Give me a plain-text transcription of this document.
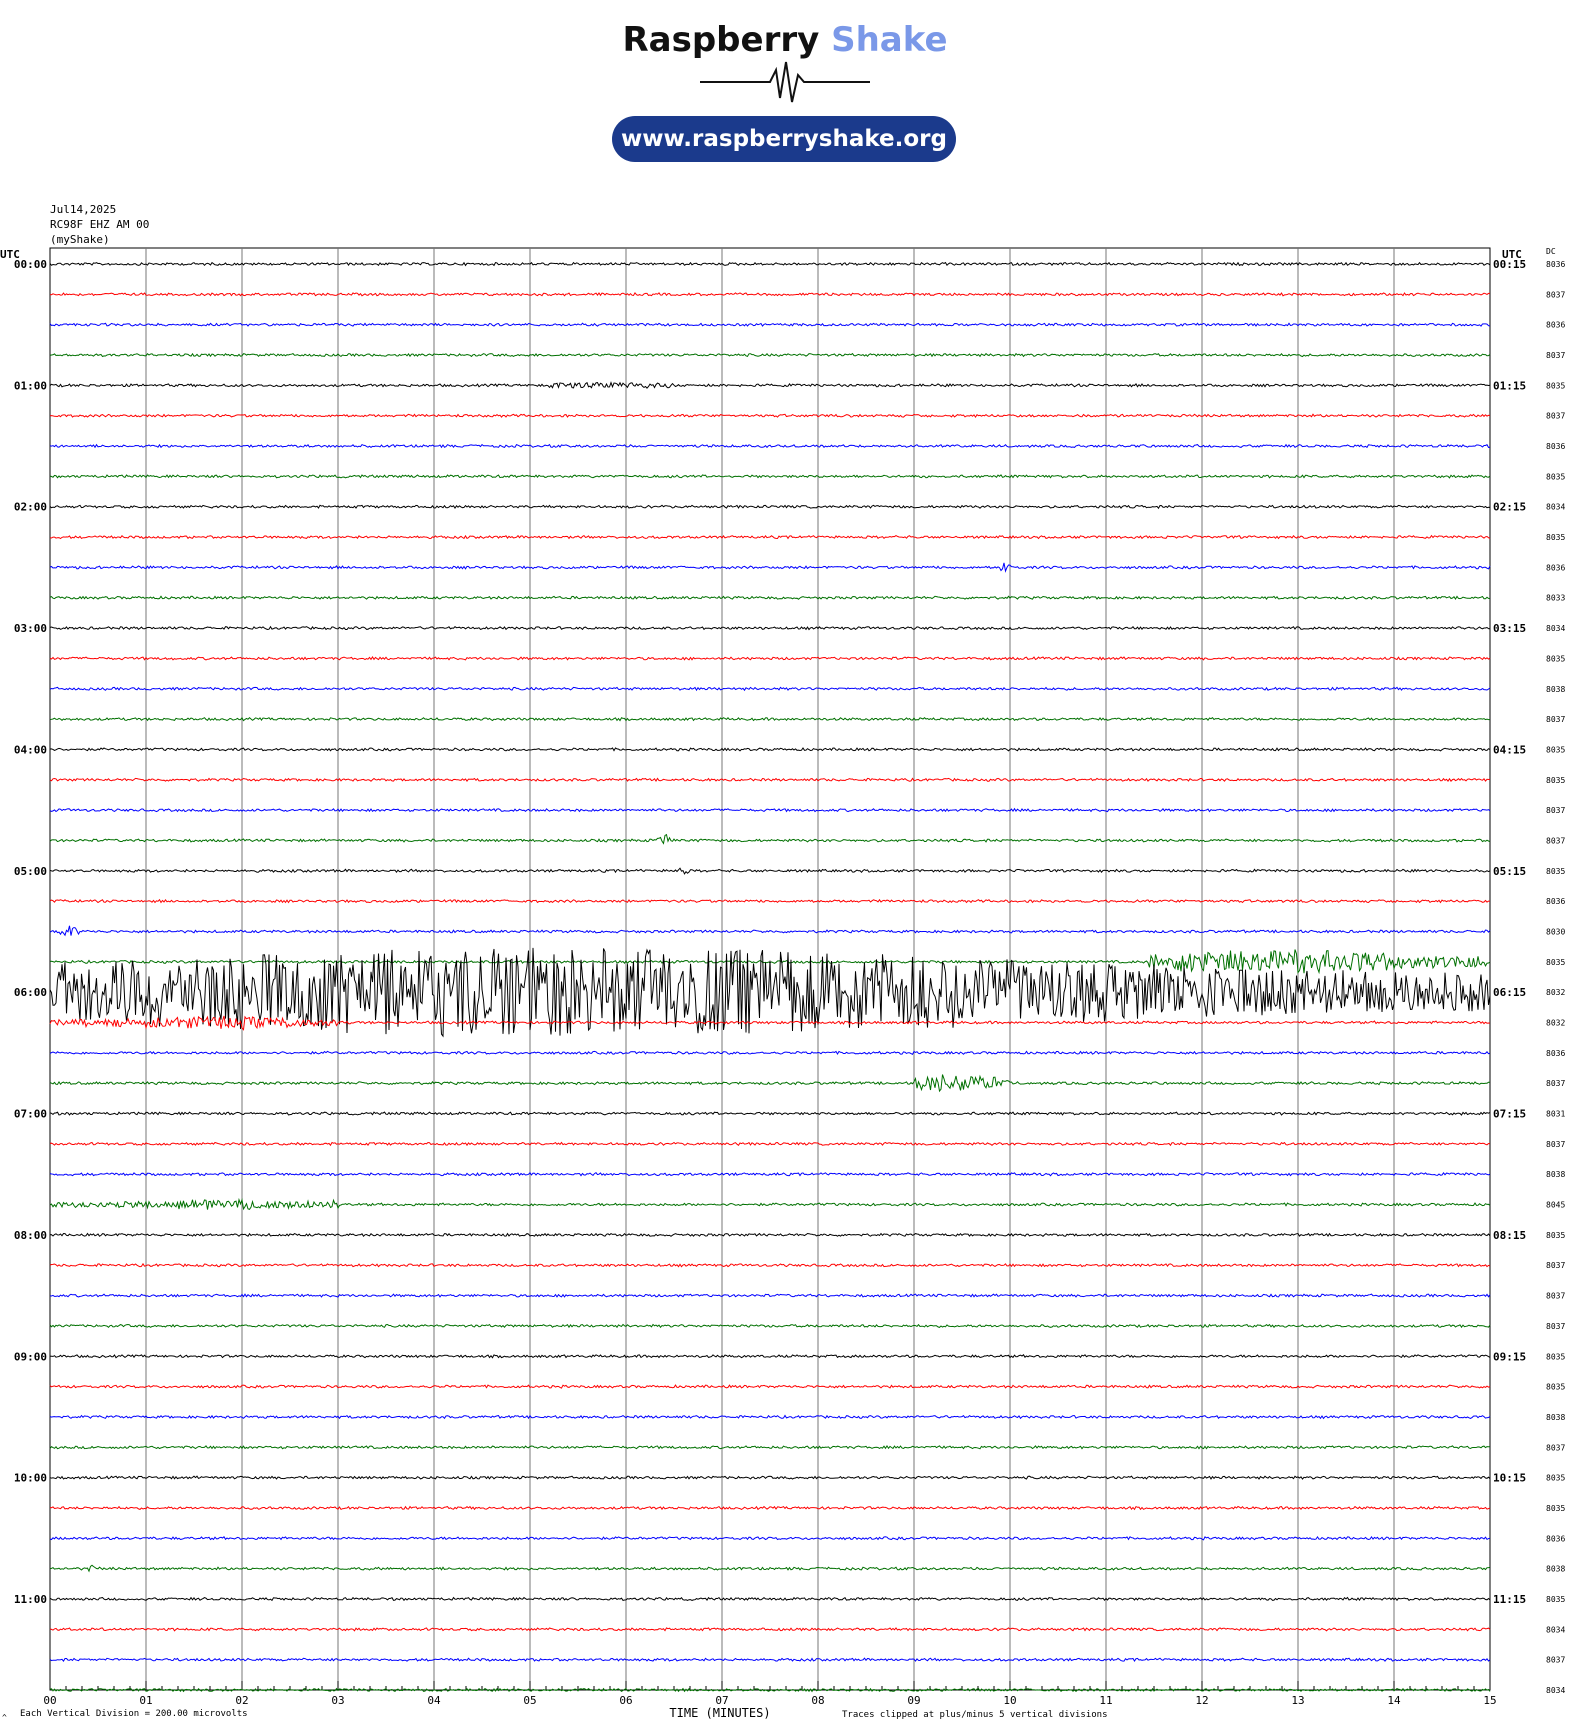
Raspberry Shake
www.raspberryshake.org
Jul14,2025
RC98F EHZ AM 00
(myShake)
00	01	02	03	04	05	06	07	08	09	10	11	12	13	14	15
UTC	UTC	DC
TIME (MINUTES)
Each Vertical Division = 200.00 microvolts	Traces clipped at plus/minus 5 vertical divisions
^
8036
00:00	00:15
8037
8036
8037
8035
01:00	01:15
8037
8036
8035
8034
02:00	02:15
8035
8036
8033
8034
03:00	03:15
8035
8038
8037
8035
04:00	04:15
8035
8037
8037
8035
05:00	05:15
8036
8030
8035
8032
06:00	06:15
8032
8036
8037
8031
07:00	07:15
8037
8038
8045
8035
08:00	08:15
8037
8037
8037
8035
09:00	09:15
8035
8038
8037
8035
10:00	10:15
8035
8036
8038
8035
11:00	11:15
8034
8037
8034
